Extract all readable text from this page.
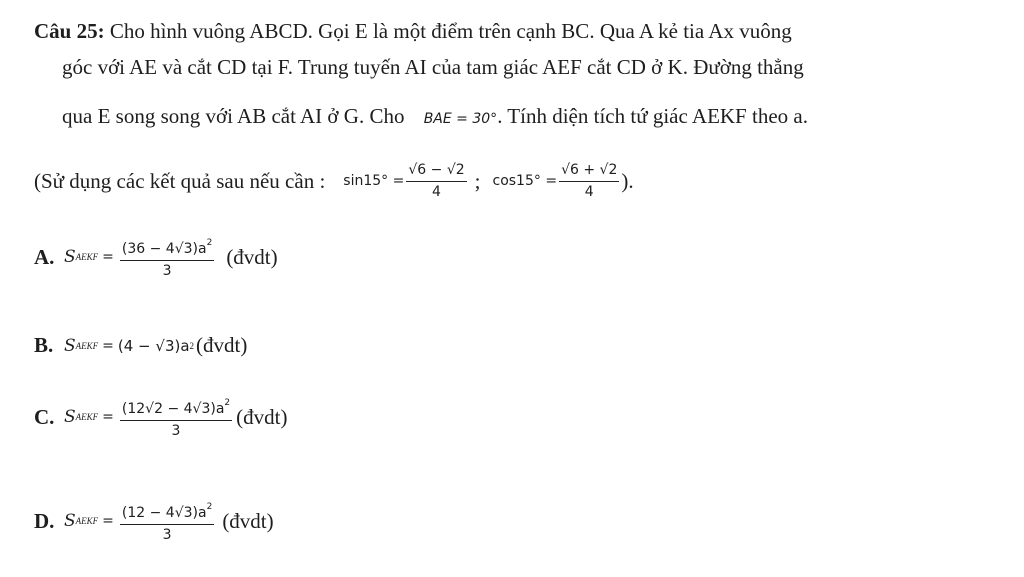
Câu 25: Cho hình vuông ABCD. Gọi E là một điểm trên cạnh BC. Qua A kẻ tia Ax vuông
góc với AE và cắt CD tại F. Trung tuyến AI của tam giác AEF cắt CD ở K. Đường thẳng
qua E song song với AB cắt AI ở G. Cho BAE = 30°. Tính diện tích tứ giác AEKF theo a.
(Sử dụng các kết quả sau nếu cần : $\sin 15^\circ = \frac{√6 - √2}{4}$ ; $\cos 15^\circ = \frac{√6 + √2}{4}$ ).
A. S AEKF = $\frac{(36 - 4√3)a^2}{3}$ (đvdt)
B. S AEKF = (4 − √3)a 2 (đvdt)
C. S AEKF = $\frac{(12√2 - 4√3)a^2}{3}$ (đvdt)
D. S AEKF = $\frac{(12 - 4√3)a^2}{3}$ (đvdt)
